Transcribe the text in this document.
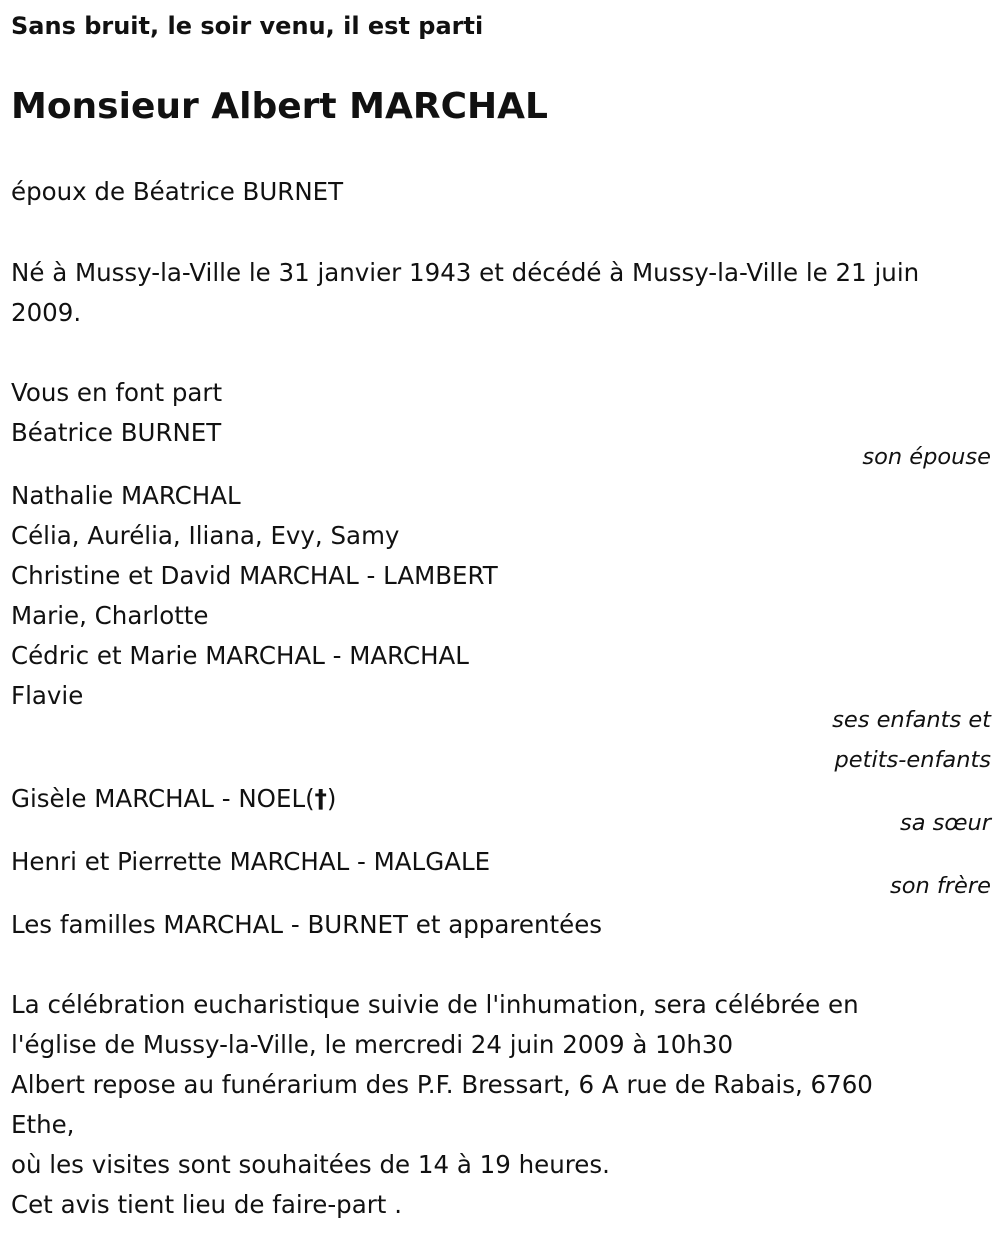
Sans bruit, le soir venu, il est parti
Monsieur Albert MARCHAL
époux de Béatrice BURNET
Né à Mussy-la-Ville le 31 janvier 1943 et décédé à Mussy-la-Ville le 21 juin
2009.
Vous en font part
Béatrice BURNET
son épouse
Nathalie MARCHAL
Célia, Aurélia, Iliana, Evy, Samy
Christine et David MARCHAL - LAMBERT
Marie, Charlotte
Cédric et Marie MARCHAL - MARCHAL
Flavie
ses enfants et
petits-enfants
Gisèle MARCHAL - NOEL(†)
sa sœur
Henri et Pierrette MARCHAL - MALGALE
son frère
Les familles MARCHAL - BURNET et apparentées
La célébration eucharistique suivie de l'inhumation, sera célébrée en
l'église de Mussy-la-Ville, le mercredi 24 juin 2009 à 10h30
Albert repose au funérarium des P.F. Bressart, 6 A rue de Rabais, 6760
Ethe,
où les visites sont souhaitées de 14 à 19 heures.
Cet avis tient lieu de faire-part .
